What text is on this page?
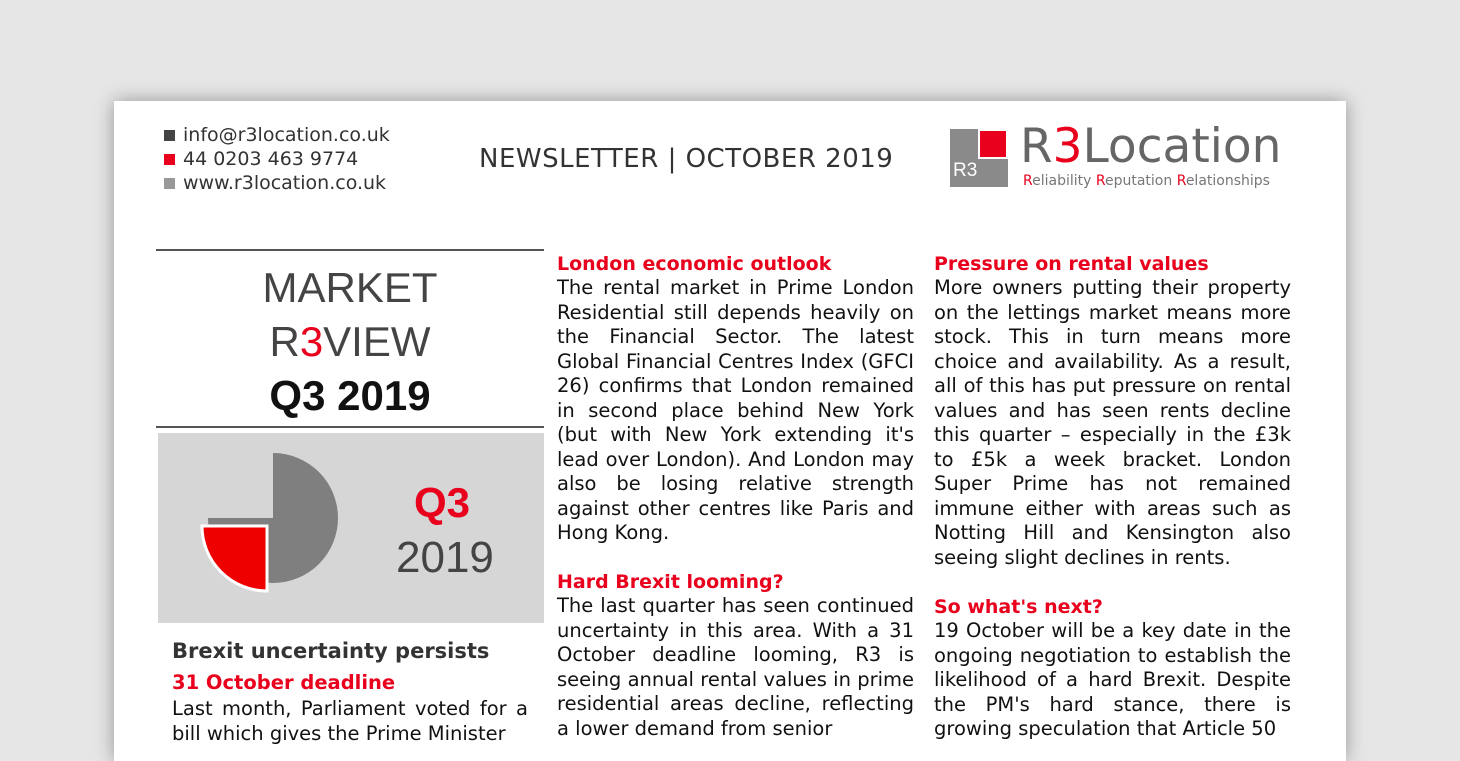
info@r3location.co.uk
44 0203 463 9774
www.r3location.co.uk
NEWSLETTER | OCTOBER 2019	R3 R3Location
Reliability Reputation Relationships
MARKET
R3VIEW
Q3 2019
Q3
2019
Brexit uncertainty persists
31 October deadline
Last month, Parliament voted for a bill which gives the Prime Minister
London economic outlook

The rental market in Prime London Residential still depends heavily on the Financial Sector. The latest Global Financial Centres Index (GFCI 26) confirms that London remained in second place behind New York (but with New York extending it's lead over London). And London may also be losing relative strength against other centres like Paris and Hong Kong.

Hard Brexit looming?

The last quarter has seen continued uncertainty in this area. With a 31 October deadline looming, R3 is seeing annual rental values in prime residential areas decline, reflecting a lower demand from senior

Pressure on rental values

More owners putting their property on the lettings market means more stock. This in turn means more choice and availability. As a result, all of this has put pressure on rental values and has seen rents decline this quarter – especially in the £3k to £5k a week bracket. London Super Prime has not remained immune either with areas such as Notting Hill and Kensington also seeing slight declines in rents.

So what's next?

19 October will be a key date in the ongoing negotiation to establish the likelihood of a hard Brexit. Despite the PM's hard stance, there is growing speculation that Article 50
